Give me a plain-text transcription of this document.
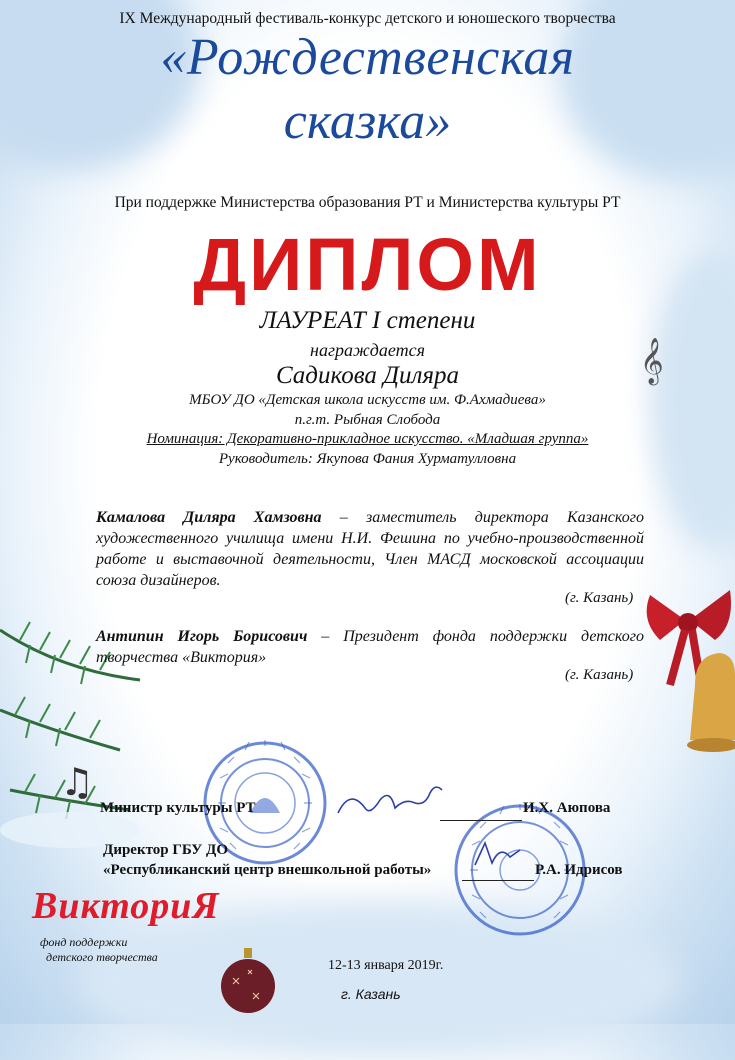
𝄞
♫
IX Международный фестиваль-конкурс детского и юношеского творчества
«Рождественская
сказка»
При поддержке Министерства образования РТ и Министерства культуры РТ
ДИПЛОМ
ЛАУРЕАТ I степени
награждается
Садикова Диляра
МБОУ ДО «Детская школа искусств им. Ф.Ахмадиева»
п.г.т. Рыбная Слобода
Номинация: Декоративно-прикладное искусство. «Младшая группа»
Руководитель: Якупова Фания Хурматулловна
Камалова Диляра Хамзовна – заместитель директора Казанского художественного училища имени Н.И. Фешина по учебно-производственной работе и выставочной деятельности, Член МАСД московской ассоциации союза дизайнеров.
(г. Казань)
Антипин Игорь Борисович – Президент фонда поддержки детского творчества «Виктория»
(г. Казань)
Министр культуры РТ	И.Х. Аюпова
Директор ГБУ ДО
«Республиканский центр внешкольной работы»	Р.А. Идрисов
ВикториЯ
фонд поддержки
детского творчества
12-13 января 2019г.
г. Казань
